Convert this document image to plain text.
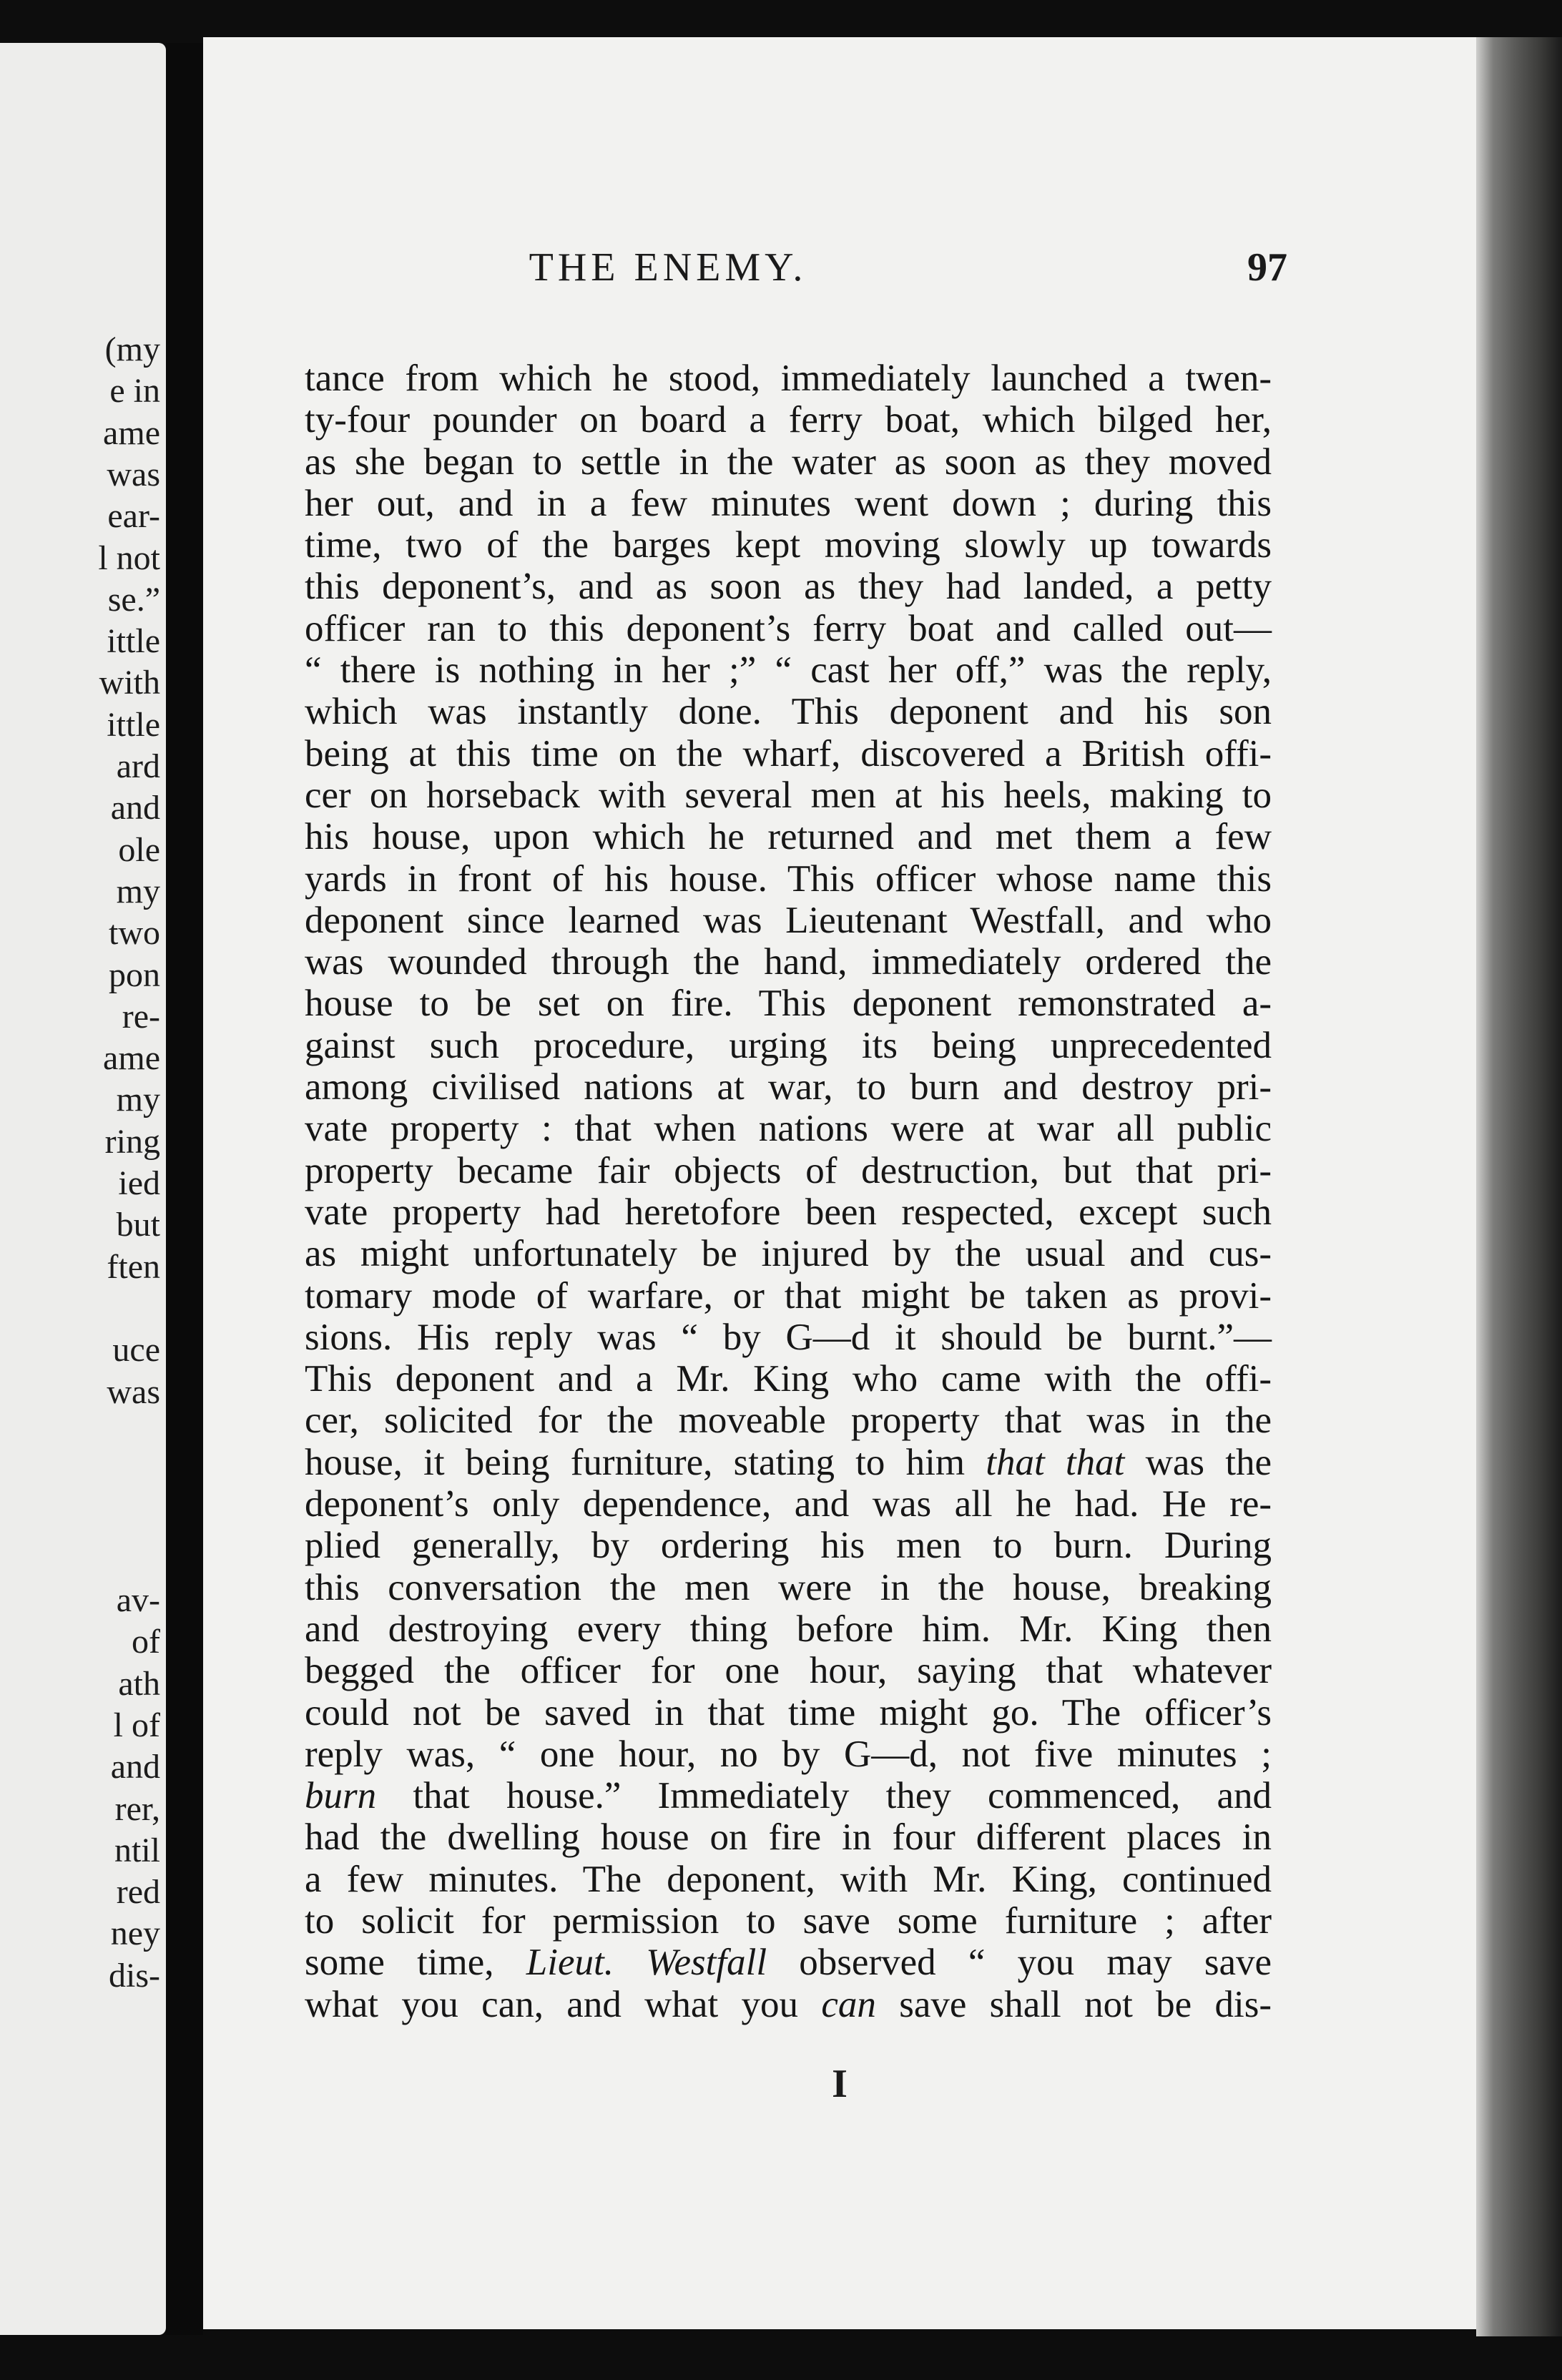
(my
e in
ame
was
ear-
l not
se.”
ittle
with
ittle
ard
and
ole
my
two
pon
re-
ame
my
ring
ied
but
ften
uce
was
av-
of
ath
l of
and
rer,
ntil
red
ney
dis-
THE ENEMY.	97
tance from which he stood, immediately launched a twen-
ty-four pounder on board a ferry boat, which bilged her,
as she began to settle in the water as soon as they moved
her out, and in a few minutes went down ; during this
time, two of the barges kept moving slowly up towards
this deponent’s, and as soon as they had landed, a petty
officer ran to this deponent’s ferry boat and called out—
“ there is nothing in her ;” “ cast her off,” was the reply,
which was instantly done. This deponent and his son
being at this time on the wharf, discovered a British offi-
cer on horseback with several men at his heels, making to
his house, upon which he returned and met them a few
yards in front of his house. This officer whose name this
deponent since learned was Lieutenant Westfall, and who
was wounded through the hand, immediately ordered the
house to be set on fire. This deponent remonstrated a-
gainst such procedure, urging its being unprecedented
among civilised nations at war, to burn and destroy pri-
vate property : that when nations were at war all public
property became fair objects of destruction, but that pri-
vate property had heretofore been respected, except such
as might unfortunately be injured by the usual and cus-
tomary mode of warfare, or that might be taken as provi-
sions. His reply was “ by G—d it should be burnt.”—
This deponent and a Mr. King who came with the offi-
cer, solicited for the moveable property that was in the
house, it being furniture, stating to him that that was the
deponent’s only dependence, and was all he had. He re-
plied generally, by ordering his men to burn. During
this conversation the men were in the house, breaking
and destroying every thing before him. Mr. King then
begged the officer for one hour, saying that whatever
could not be saved in that time might go. The officer’s
reply was, “ one hour, no by G—d, not five minutes ;
burn that house.” Immediately they commenced, and
had the dwelling house on fire in four different places in
a few minutes. The deponent, with Mr. King, continued
to solicit for permission to save some furniture ; after
some time, Lieut. Westfall observed “ you may save
what you can, and what you can save shall not be dis-
I
